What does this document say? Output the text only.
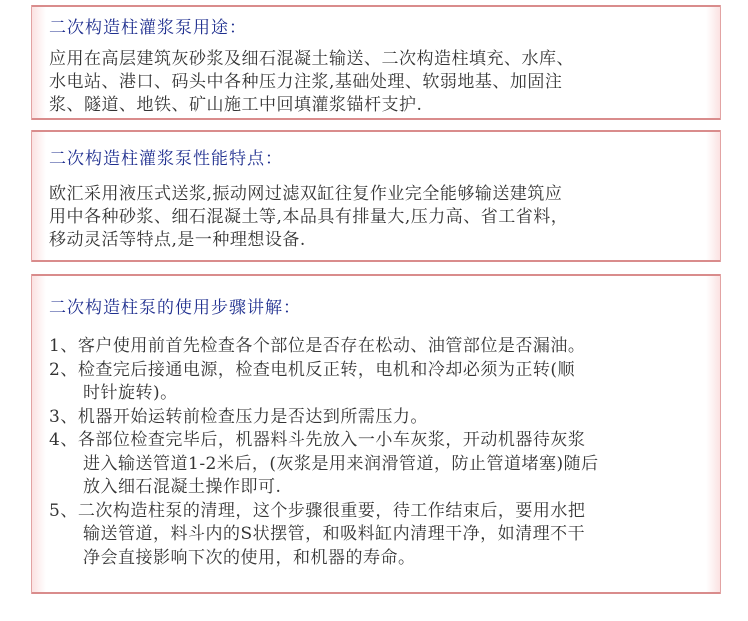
二次构造柱灌浆泵用途：
应用在高层建筑灰砂浆及细石混凝土输送、二次构造柱填充、水库、
水电站、港口、码头中各种压力注浆,基础处理、软弱地基、加固注
浆、隧道、地铁、矿山施工中回填灌浆锚杆支护.
二次构造柱灌浆泵性能特点：
欧汇采用液压式送浆,振动网过滤双缸往复作业完全能够输送建筑应
用中各种砂浆、细石混凝土等,本品具有排量大,压力高、省工省料，
移动灵活等特点,是一种理想设备.
二次构造柱泵的使用步骤讲解：
1、客户使用前首先检查各个部位是否存在松动、油管部位是否漏油。
2、检查完后接通电源，检查电机反正转，电机和冷却必须为正转(顺
时针旋转)。
3、机器开始运转前检查压力是否达到所需压力。
4、各部位检查完毕后，机器料斗先放入一小车灰浆，开动机器待灰浆
进入输送管道1-2米后，(灰浆是用来润滑管道，防止管道堵塞)随后
放入细石混凝土操作即可.
5、二次构造柱泵的清理，这个步骤很重要，待工作结束后，要用水把
输送管道，料斗内的S状摆管，和吸料缸内清理干净，如清理不干
净会直接影响下次的使用，和机器的寿命。
